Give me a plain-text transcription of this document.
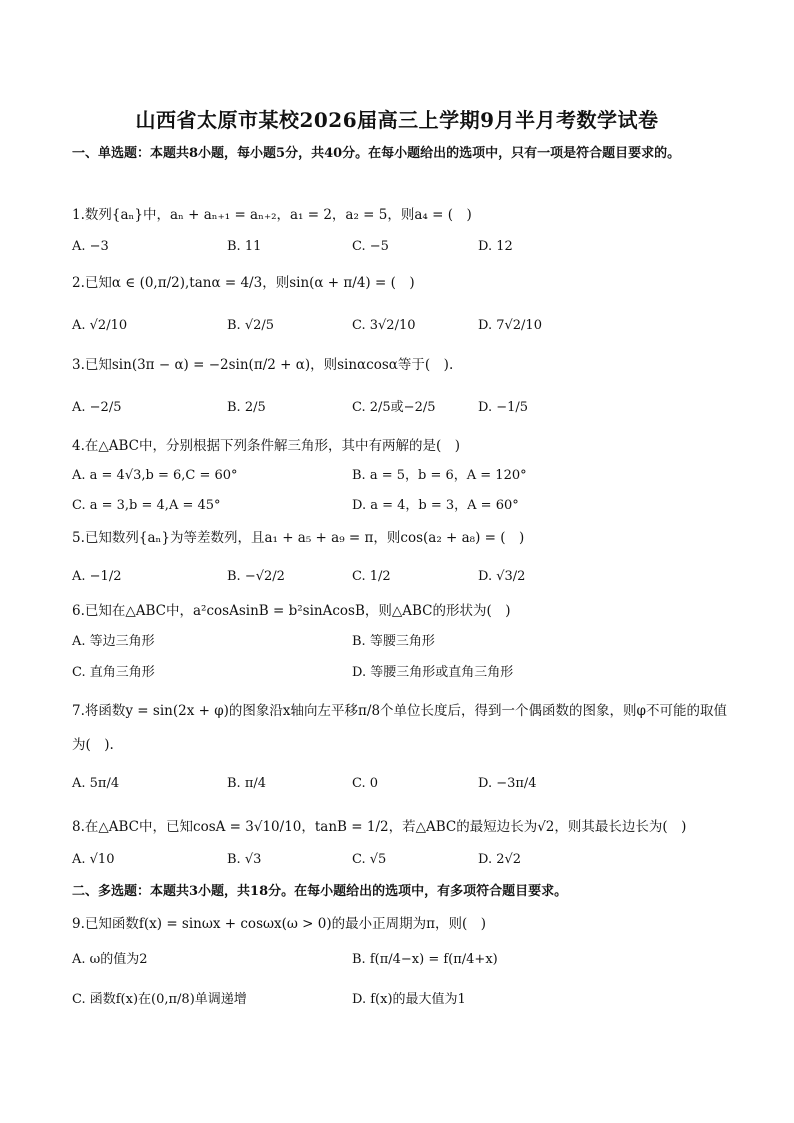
山西省太原市某校2026届高三上学期9月半月考数学试卷
一、单选题：本题共8小题，每小题5分，共40分。在每小题给出的选项中，只有一项是符合题目要求的。
1.数列{aₙ}中，aₙ + aₙ₊₁ = aₙ₊₂，a₁ = 2，a₂ = 5，则a₄ = (　)
A. −3	B. 11	C. −5	D. 12
2.已知α ∈ (0,π/2),tanα = 4/3，则sin(α + π/4) = (　)
A. √2/10	B. √2/5	C. 3√2/10	D. 7√2/10
3.已知sin(3π − α) = −2sin(π/2 + α)，则sinαcosα等于(　).
A. −2/5	B. 2/5	C. 2/5或−2/5	D. −1/5
4.在△ABC中，分别根据下列条件解三角形，其中有两解的是(　)
A. a = 4√3,b = 6,C = 60°	B. a = 5，b = 6，A = 120°
C. a = 3,b = 4,A = 45°	D. a = 4，b = 3，A = 60°
5.已知数列{aₙ}为等差数列，且a₁ + a₅ + a₉ = π，则cos(a₂ + a₈) = (　)
A. −1/2	B. −√2/2	C. 1/2	D. √3/2
6.已知在△ABC中，a²cosAsinB = b²sinAcosB，则△ABC的形状为(　)
A. 等边三角形	B. 等腰三角形
C. 直角三角形	D. 等腰三角形或直角三角形
7.将函数y = sin(2x + φ)的图象沿x轴向左平移π/8个单位长度后，得到一个偶函数的图象，则φ不可能的取值为(　).
A. 5π/4	B. π/4	C. 0	D. −3π/4
8.在△ABC中，已知cosA = 3√10/10，tanB = 1/2，若△ABC的最短边长为√2，则其最长边长为(　)
A. √10	B. √3	C. √5	D. 2√2
二、多选题：本题共3小题，共18分。在每小题给出的选项中，有多项符合题目要求。
9.已知函数f(x) = sinωx + cosωx(ω > 0)的最小正周期为π，则(　)
A. ω的值为2	B. f(π/4−x) = f(π/4+x)
C. 函数f(x)在(0,π/8)单调递增	D. f(x)的最大值为1
